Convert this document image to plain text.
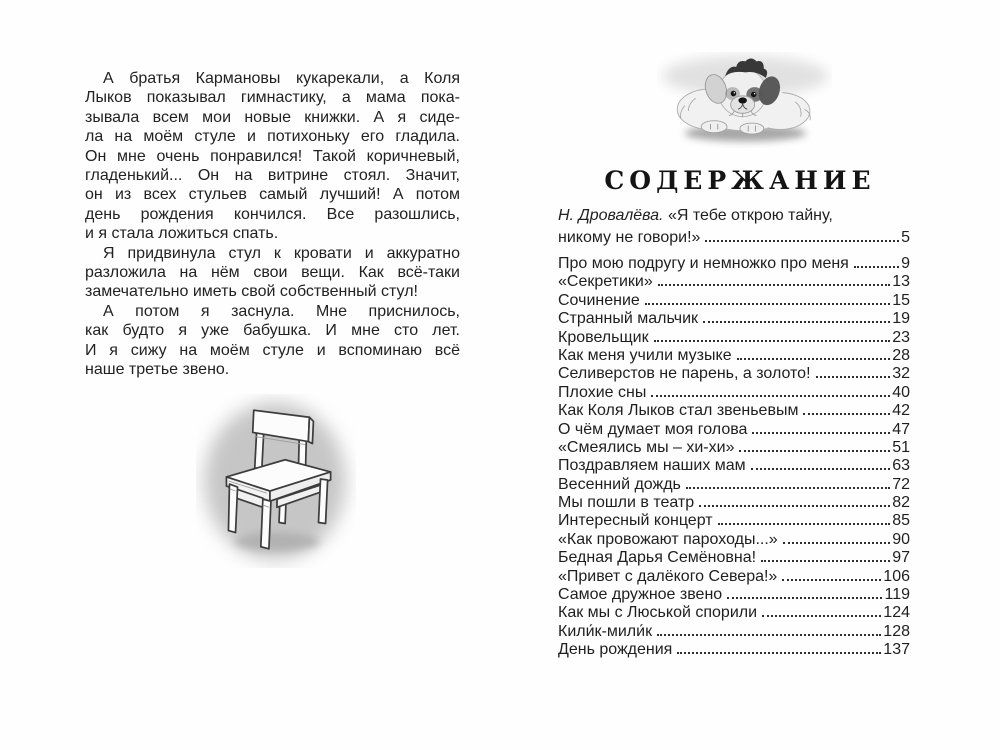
А братья Кармановы кукарекали, а Коля
Лыков показывал гимнастику, а мама пока-
зывала всем мои новые книжки. А я сиде-
ла на моём стуле и потихоньку его гладила.
Он мне очень понравился! Такой коричневый,
гладенький... Он на витрине стоял. Значит,
он из всех стульев самый лучший! А потом
день рождения кончился. Все разошлись,
и я стала ложиться спать.
Я придвинула стул к кровати и аккуратно
разложила на нём свои вещи. Как всё-таки
замечательно иметь свой собственный стул!
А потом я заснула. Мне приснилось,
как будто я уже бабушка. И мне сто лет.
И я сижу на моём стуле и вспоминаю всё
наше третье звено.
СОДЕРЖАНИЕ
Н. Дровалёва. «Я тебе открою тайну,
никому не говори!»	5
Про мою подругу и немножко про меня	9
«Секретики»	13
Сочинение	15
Странный мальчик	19
Кровельщик	23
Как меня учили музыке	28
Селиверстов не парень, а золото!	32
Плохие сны	40
Как Коля Лыков стал звеньевым	42
О чём думает моя голова	47
«Смеялись мы – хи-хи»	51
Поздравляем наших мам	63
Весенний дождь	72
Мы пошли в театр	82
Интересный концерт	85
«Как провожают пароходы...»	90
Бедная Дарья Семёновна!	97
«Привет с далёкого Севера!»	106
Самое дружное звено	119
Как мы с Люськой спорили	124
Кили́к-мили́к	128
День рождения	137
